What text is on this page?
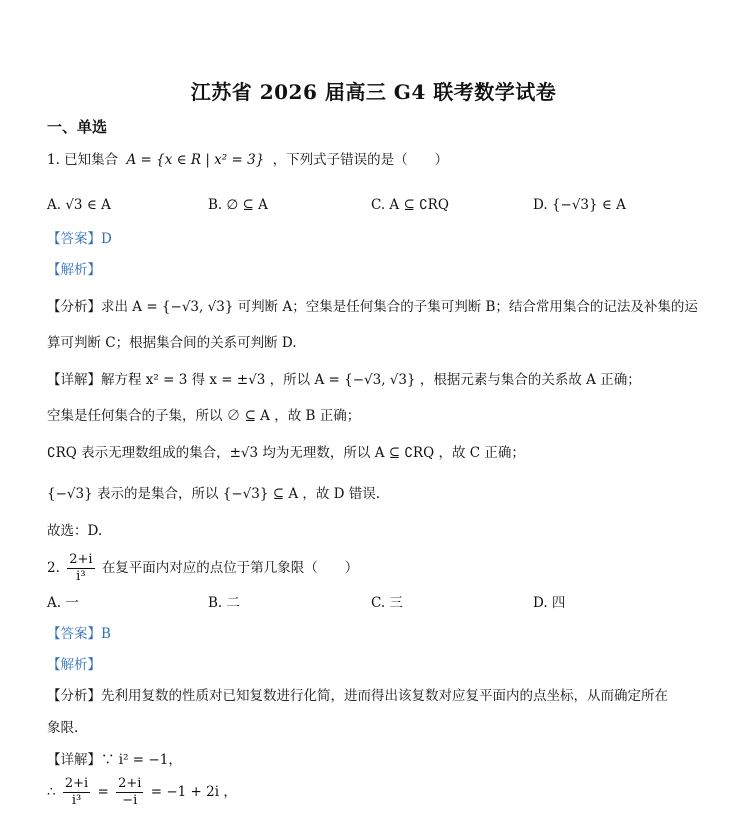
江苏省 2026 届高三 G4 联考数学试卷
一、单选
1. 已知集合 A = {x ∈ R | x² = 3} ，下列式子错误的是（　　）
A. √3 ∈ A	B. ∅ ⊆ A	C. A ⊆ ∁RQ	D. {−√3} ∈ A
【答案】D
【解析】
【分析】求出 A = {−√3, √3} 可判断 A；空集是任何集合的子集可判断 B；结合常用集合的记法及补集的运
算可判断 C；根据集合间的关系可判断 D.
【详解】解方程 x² = 3 得 x = ±√3 ，所以 A = {−√3, √3} ，根据元素与集合的关系故 A 正确；
空集是任何集合的子集，所以 ∅ ⊆ A ，故 B 正确；
∁RQ 表示无理数组成的集合，±√3 均为无理数，所以 A ⊆ ∁RQ ，故 C 正确；
{−√3} 表示的是集合，所以 {−√3} ⊆ A ，故 D 错误.
故选：D.
2. $\frac{2+i}{\text{i³}}$ 在复平面内对应的点位于第几象限（　　）
A. 一	B. 二	C. 三	D. 四
【答案】B
【解析】
【分析】先利用复数的性质对已知复数进行化简，进而得出该复数对应复平面内的点坐标，从而确定所在
象限.
【详解】∵ i² = −1，
∴ $\frac{2+i}{\text{i³}} = \frac{2+i}{-i} = -1 + 2i$ ，
